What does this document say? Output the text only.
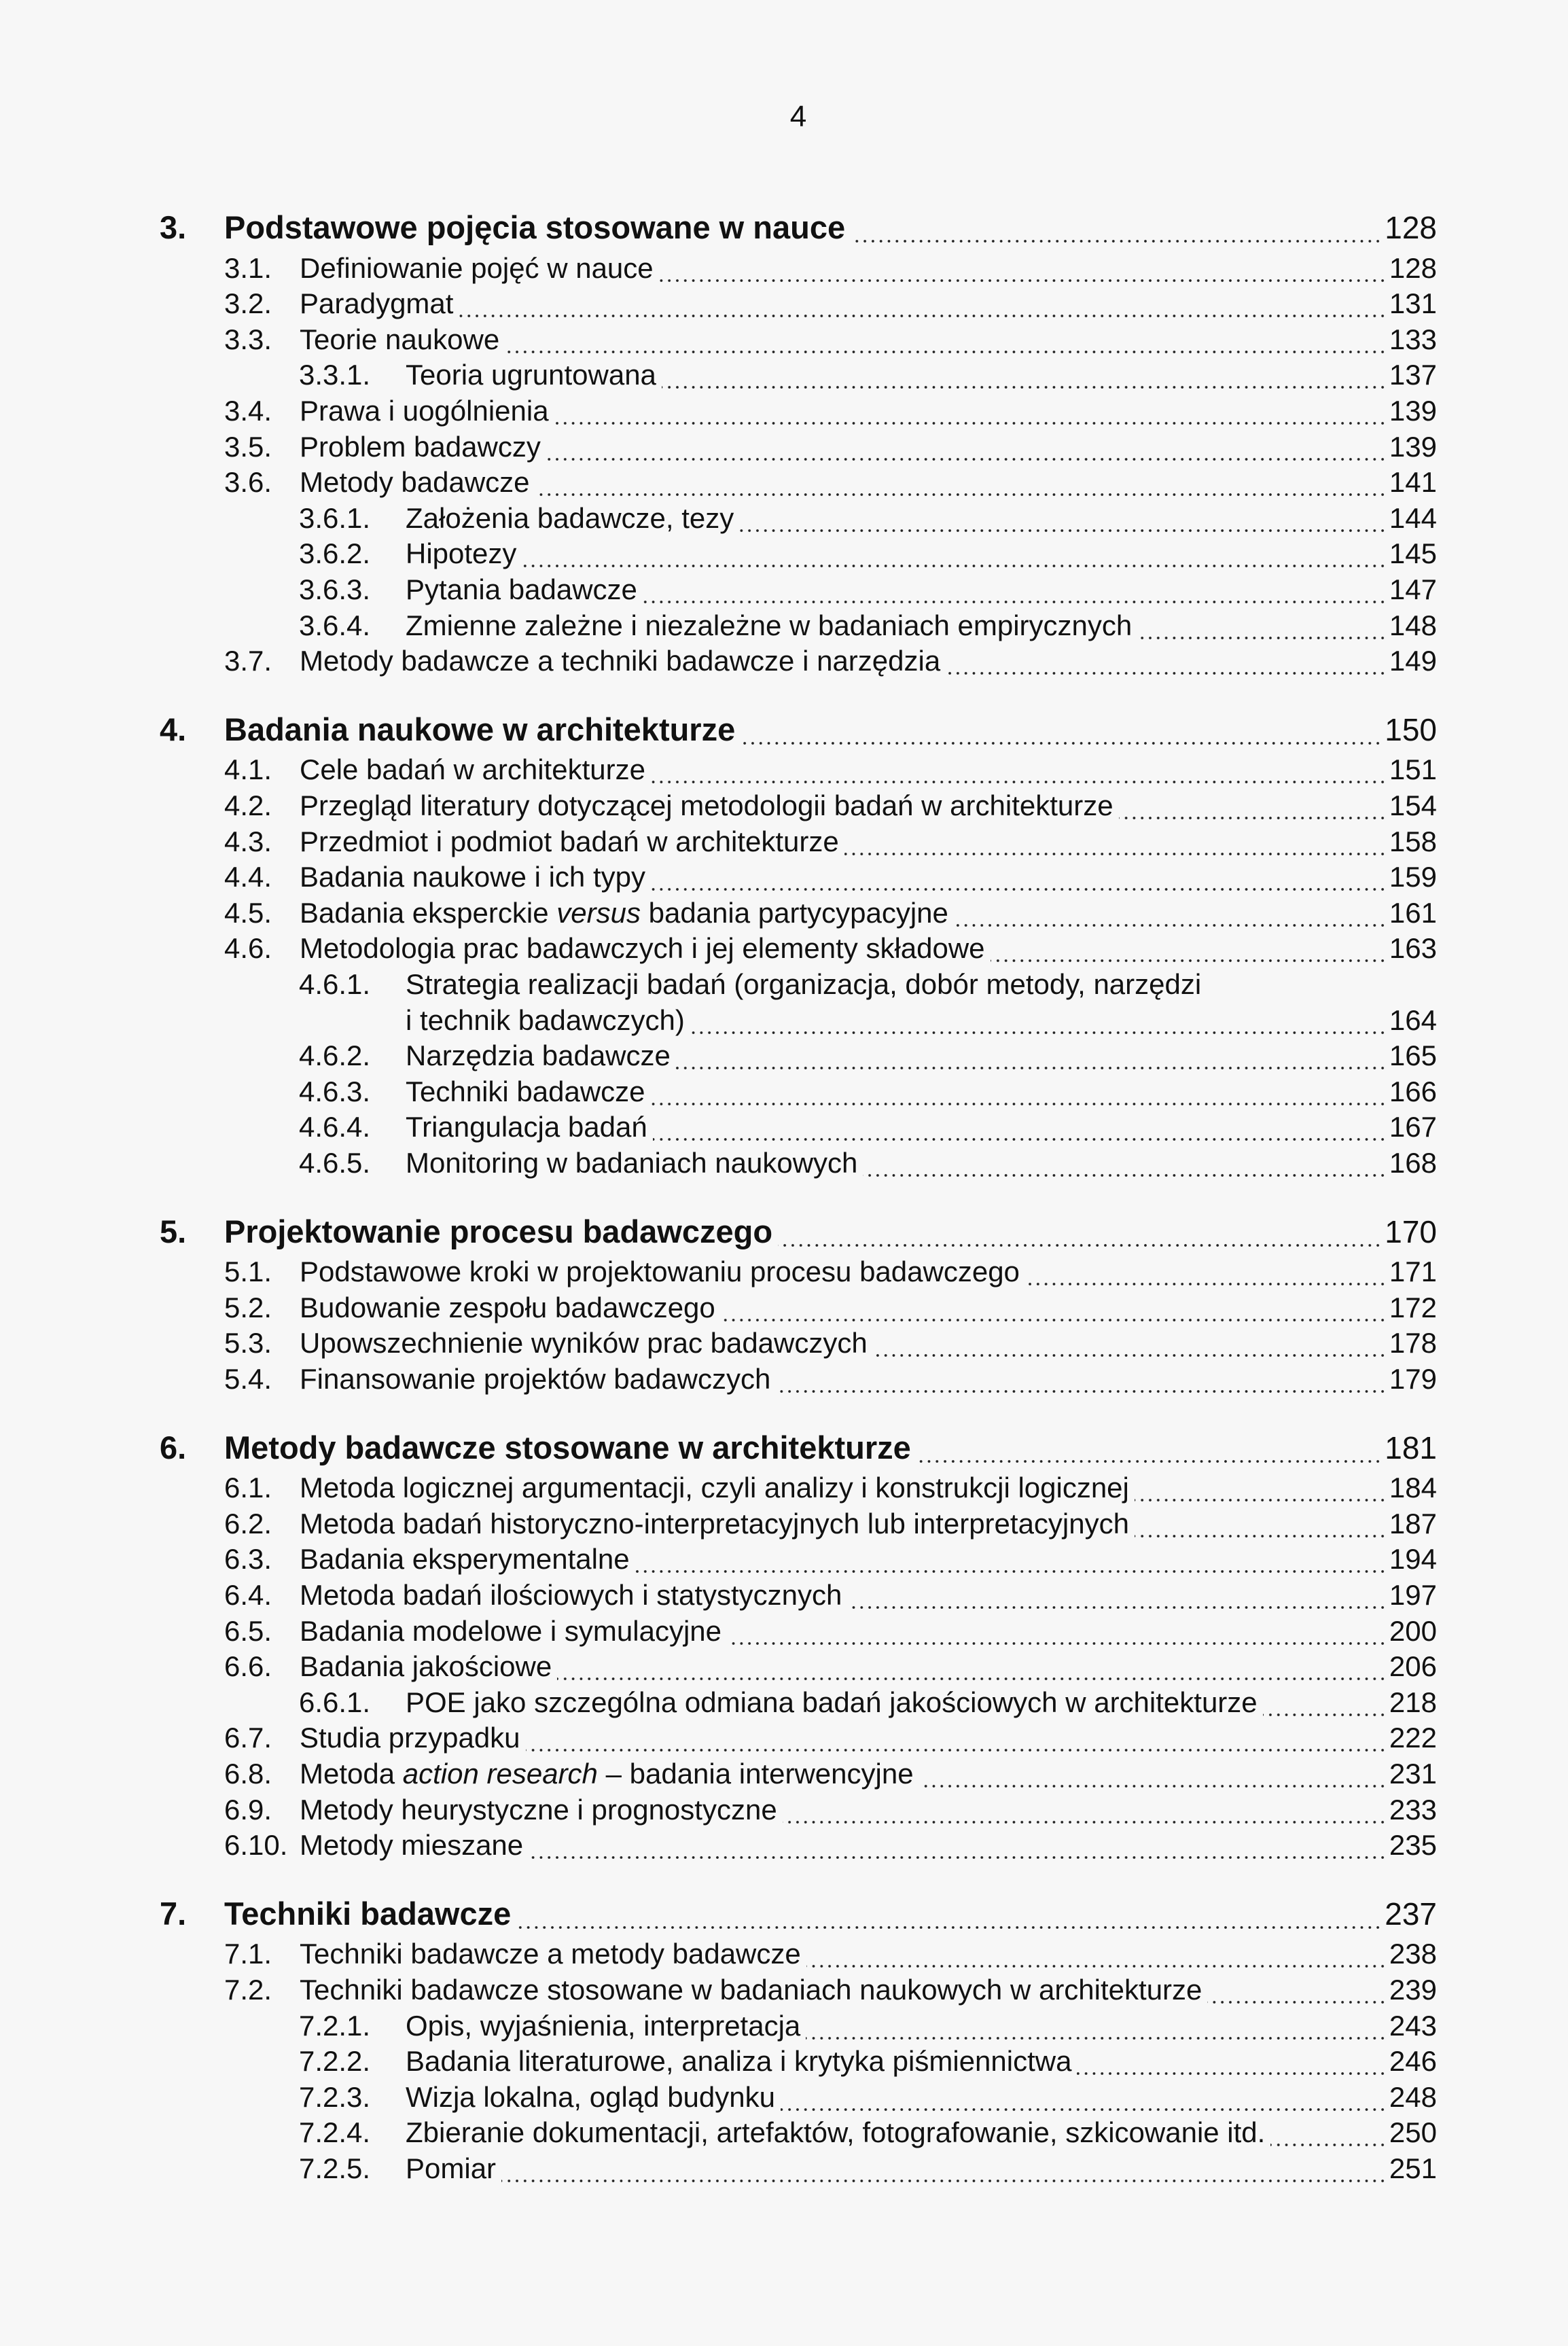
4
3. Podstawowe pojęcia stosowane w nauce	128
3.1. Definiowanie pojęć w nauce	128
3.2. Paradygmat	131
3.3. Teorie naukowe	133
3.3.1. Teoria ugruntowana	137
3.4. Prawa i uogólnienia	139
3.5. Problem badawczy	139
3.6. Metody badawcze	141
3.6.1. Założenia badawcze, tezy	144
3.6.2. Hipotezy	145
3.6.3. Pytania badawcze	147
3.6.4. Zmienne zależne i niezależne w badaniach empirycznych	148
3.7. Metody badawcze a techniki badawcze i narzędzia	149
4. Badania naukowe w architekturze	150
4.1. Cele badań w architekturze	151
4.2. Przegląd literatury dotyczącej metodologii badań w architekturze	154
4.3. Przedmiot i podmiot badań w architekturze	158
4.4. Badania naukowe i ich typy	159
4.5. Badania eksperckie versus badania partycypacyjne	161
4.6. Metodologia prac badawczych i jej elementy składowe	163
4.6.1. Strategia realizacji badań (organizacja, dobór metody, narzędzi
i technik badawczych)	164
4.6.2. Narzędzia badawcze	165
4.6.3. Techniki badawcze	166
4.6.4. Triangulacja badań	167
4.6.5. Monitoring w badaniach naukowych	168
5. Projektowanie procesu badawczego	170
5.1. Podstawowe kroki w projektowaniu procesu badawczego	171
5.2. Budowanie zespołu badawczego	172
5.3. Upowszechnienie wyników prac badawczych	178
5.4. Finansowanie projektów badawczych	179
6. Metody badawcze stosowane w architekturze	181
6.1. Metoda logicznej argumentacji, czyli analizy i konstrukcji logicznej	184
6.2. Metoda badań historyczno-interpretacyjnych lub interpretacyjnych	187
6.3. Badania eksperymentalne	194
6.4. Metoda badań ilościowych i statystycznych	197
6.5. Badania modelowe i symulacyjne	200
6.6. Badania jakościowe	206
6.6.1. POE jako szczególna odmiana badań jakościowych w architekturze	218
6.7. Studia przypadku	222
6.8. Metoda action research – badania interwencyjne	231
6.9. Metody heurystyczne i prognostyczne	233
6.10. Metody mieszane	235
7. Techniki badawcze	237
7.1. Techniki badawcze a metody badawcze	238
7.2. Techniki badawcze stosowane w badaniach naukowych w architekturze	239
7.2.1. Opis, wyjaśnienia, interpretacja	243
7.2.2. Badania literaturowe, analiza i krytyka piśmiennictwa	246
7.2.3. Wizja lokalna, ogląd budynku	248
7.2.4. Zbieranie dokumentacji, artefaktów, fotografowanie, szkicowanie itd.	250
7.2.5. Pomiar	251
